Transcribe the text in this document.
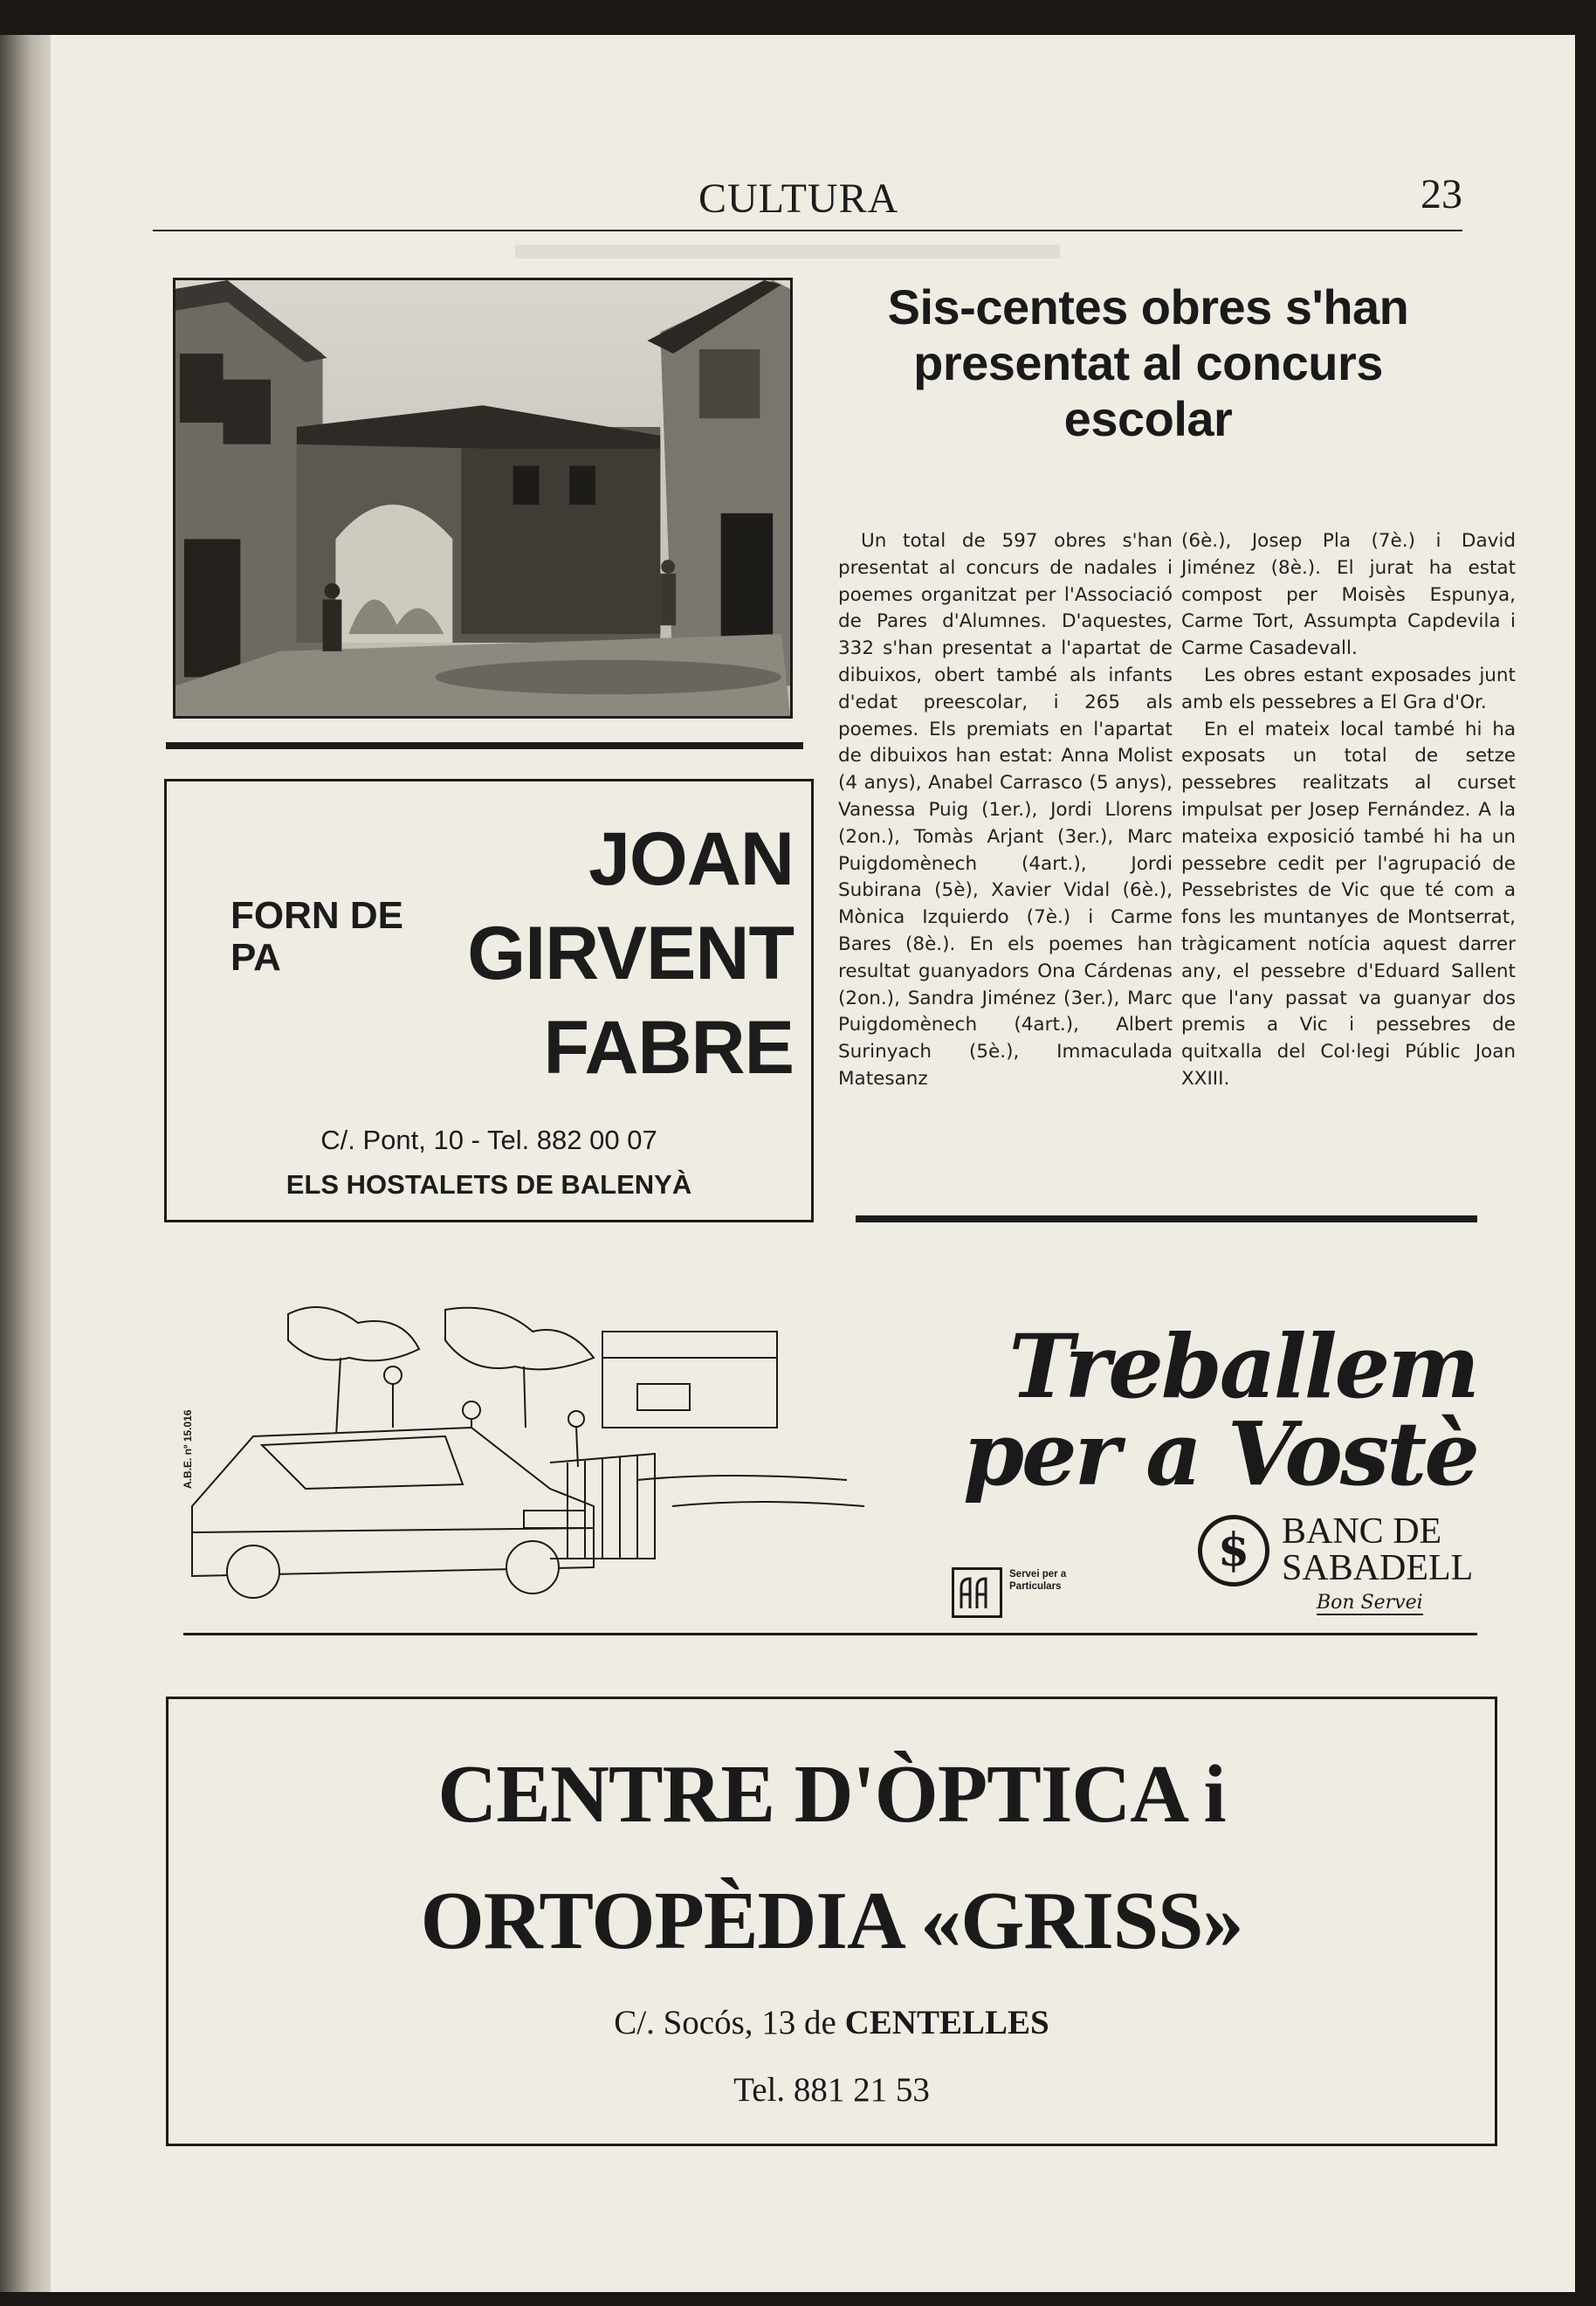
▬▬▬▬▬▬▬▬▬▬▬▬
CULTURA	23
Sis-centes obres s'han presentat al concurs escolar

Un total de 597 obres s'han presentat al concurs de nadales i poemes organitzat per l'Associació de Pares d'Alumnes. D'aquestes, 332 s'han presentat a l'apartat de dibuixos, obert també als infants d'edat preescolar, i 265 als poemes. Els premiats en l'apartat de dibuixos han estat: Anna Molist (4 anys), Anabel Carrasco (5 anys), Vanessa Puig (1er.), Jordi Llorens (2on.), Tomàs Arjant (3er.), Marc Puigdomènech (4art.), Jordi Subirana (5è), Xavier Vidal (6è.), Mònica Izquierdo (7è.) i Carme Bares (8è.). En els poemes han resultat guanyadors Ona Cárdenas (2on.), Sandra Jiménez (3er.), Marc Puigdomènech (4art.), Albert Surinyach (5è.), Immaculada Matesanz

(6è.), Josep Pla (7è.) i David Jiménez (8è.). El jurat ha estat compost per Moisès Espunya, Carme Tort, Assumpta Capdevila i Carme Casadevall.

Les obres estant exposades junt amb els pessebres a El Gra d'Or.

En el mateix local també hi ha exposats un total de setze pessebres realitzats al curset impulsat per Josep Fernández. A la mateixa exposició també hi ha un pessebre cedit per l'agrupació de Pessebristes de Vic que té com a fons les muntanyes de Montserrat, tràgicament notícia aquest darrer any, el pessebre d'Eduard Sallent que l'any passat va guanyar dos premis a Vic i pessebres de quitxalla del Col·legi Públic Joan XXIII.

FORN DE PA
JOAN
GIRVENT
FABRE
C/. Pont, 10 - Tel. 882 00 07
ELS HOSTALETS DE BALENYÀ
A.B.E. nº 15.016
Treballem
per a Vostè
Servei per a
Particulars
$ BANC DE
SABADELL
Bon Servei
CENTRE D'ÒPTICA i
ORTOPÈDIA «GRISS»
C/. Socós, 13 de CENTELLES
Tel. 881 21 53
